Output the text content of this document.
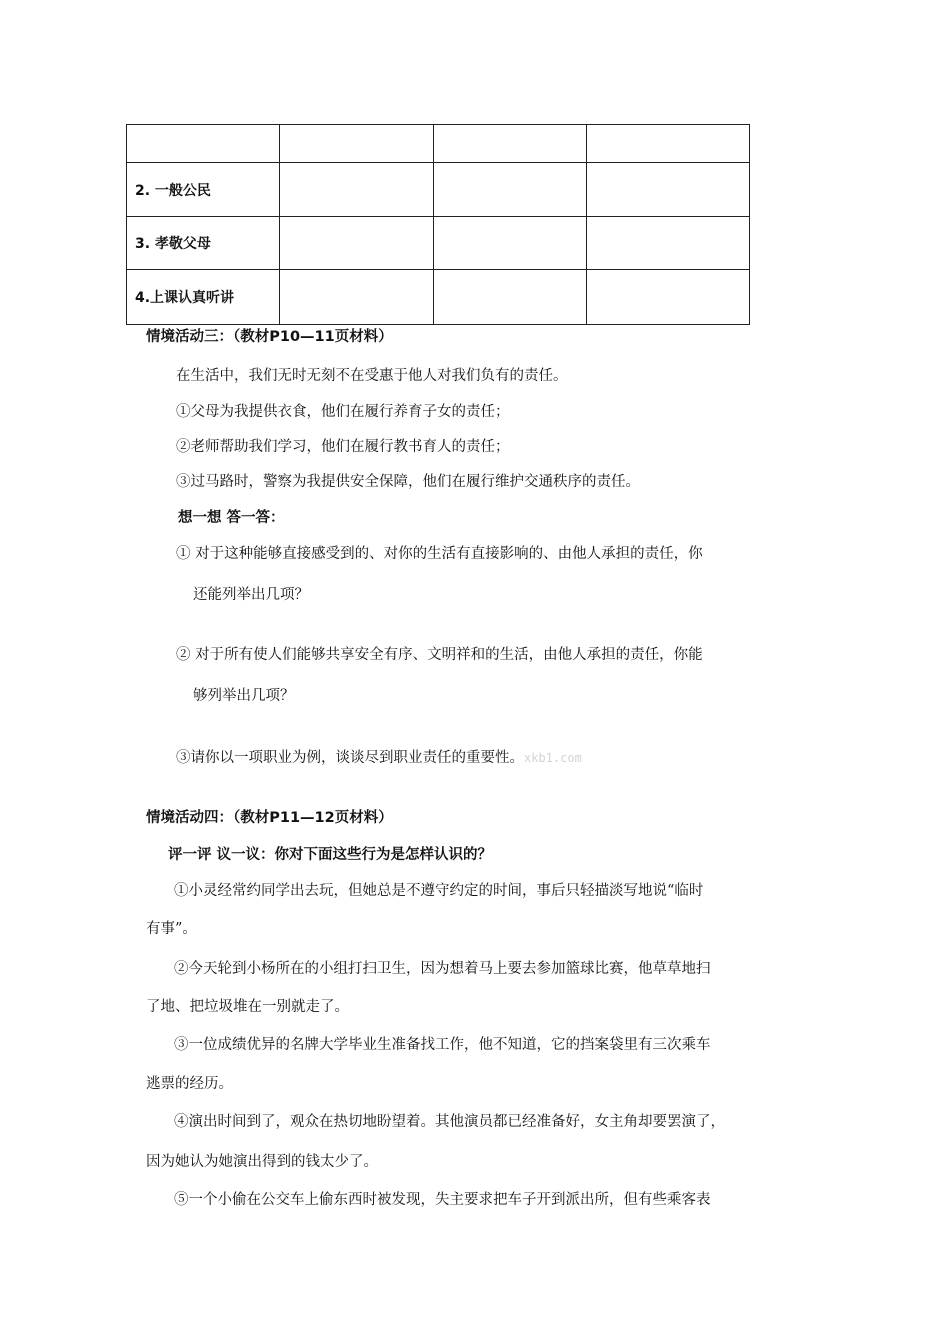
2. 一般公民			
3. 孝敬父母			
4.上课认真听讲			
情境活动三：（教材P10—11页材料）
在生活中，我们无时无刻不在受惠于他人对我们负有的责任。
①父母为我提供衣食，他们在履行养育子女的责任；
②老师帮助我们学习，他们在履行教书育人的责任；
③过马路时，警察为我提供安全保障，他们在履行维护交通秩序的责任。
想一想 答一答：
① 对于这种能够直接感受到的、对你的生活有直接影响的、由他人承担的责任，你
还能列举出几项？
② 对于所有使人们能够共享安全有序、文明祥和的生活，由他人承担的责任，你能
够列举出几项？
③请你以一项职业为例，谈谈尽到职业责任的重要性。xkb1.com
情境活动四：（教材P11—12页材料）
评一评 议一议：你对下面这些行为是怎样认识的？
①小灵经常约同学出去玩，但她总是不遵守约定的时间，事后只轻描淡写地说“临时
有事”。
②今天轮到小杨所在的小组打扫卫生，因为想着马上要去参加篮球比赛，他草草地扫
了地、把垃圾堆在一别就走了。
③一位成绩优异的名牌大学毕业生准备找工作，他不知道，它的挡案袋里有三次乘车
逃票的经历。
④演出时间到了，观众在热切地盼望着。其他演员都已经准备好，女主角却要罢演了，
因为她认为她演出得到的钱太少了。
⑤一个小偷在公交车上偷东西时被发现，失主要求把车子开到派出所，但有些乘客表
